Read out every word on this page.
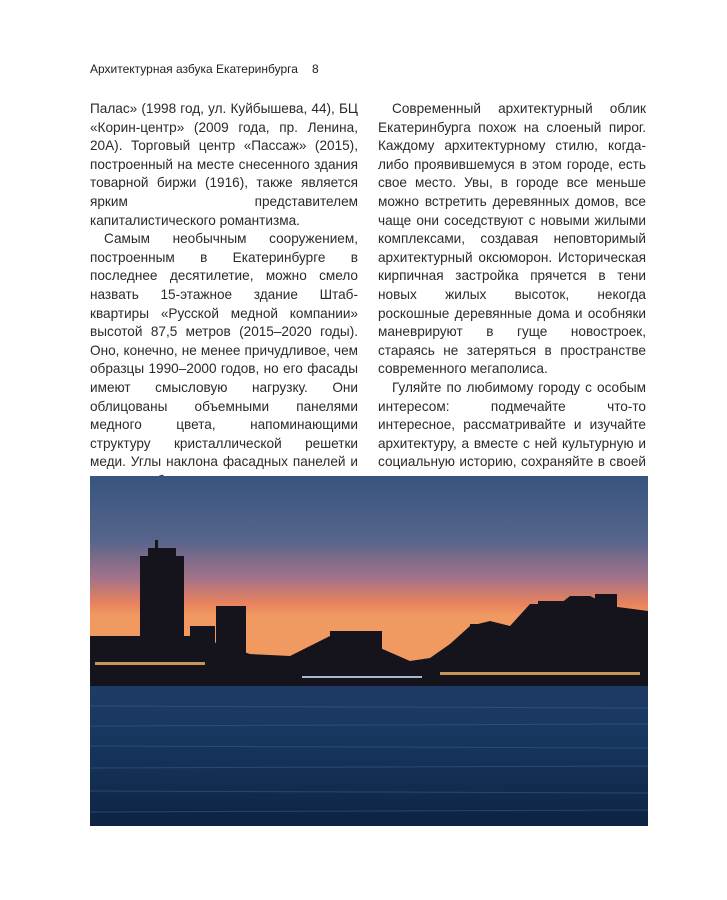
Архитектурная азбука Екатеринбурга 8

Палас» (1998 год, ул. Куйбышева, 44), БЦ «Корин-центр» (2009 года, пр. Ленина, 20А). Торговый центр «Пассаж» (2015), построенный на месте снесенного здания товарной биржи (1916), также является ярким представителем капиталистического романтизма.

Самым необычным сооружением, построенным в Екатеринбурге в последнее десятилетие, можно смело назвать 15-этажное здание Штаб-квартиры «Русской медной компании» высотой 87,5 метров (2015–2020 годы). Оно, конечно, не менее причудливое, чем образцы 1990–2000 годов, но его фасады имеют смысловую нагрузку. Они облицованы объемными панелями медного цвета, напоминающими структуру кристаллической решетки меди. Углы наклона фасадных панелей и

Современный архитектурный облик Екатеринбурга похож на слоеный пирог. Каждому архитектурному стилю, когда-либо проявившемуся в этом городе, есть свое место. Увы, в городе все меньше можно встретить деревянных домов, все чаще они соседствуют с новыми жилыми комплексами, создавая неповторимый архитектурный оксюморон. Историческая кирпичная застройка прячется в тени новых жилых высоток, некогда роскошные деревянные дома и особняки маневрируют в гуще новостроек, стараясь не затеряться в пространстве современного мегаполиса.

Гуляйте по любимому городу с особым интересом: подмечайте что-то интересное, рассматривайте и изучайте архитектуру, а вместе с ней культурную и социальную историю, сохраняйте в своей
